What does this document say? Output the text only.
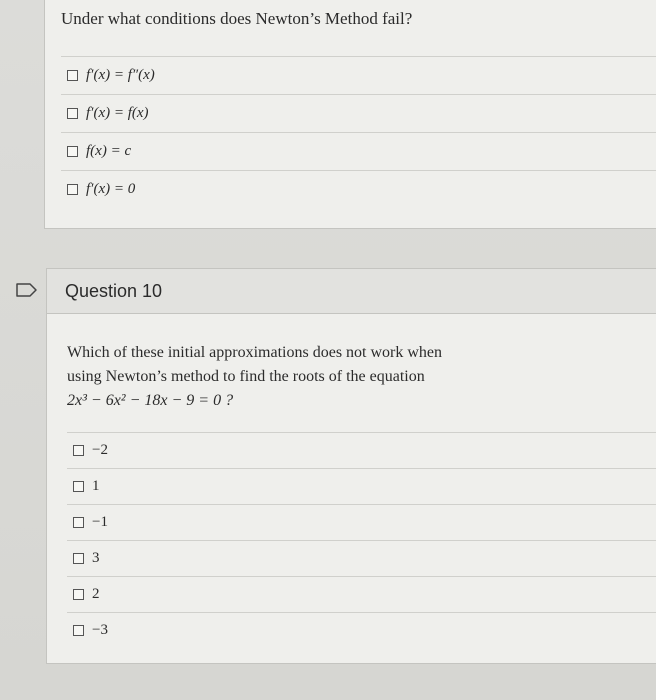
Under what conditions does Newton’s Method fail?
f′(x) = f″(x)
f′(x) = f(x)
f(x) = c
f′(x) = 0
Question 10
Which of these initial approximations does not work when
using Newton’s method to find the roots of the equation
2x³ − 6x² − 18x − 9 = 0 ?
−2
1
−1
3
2
−3
